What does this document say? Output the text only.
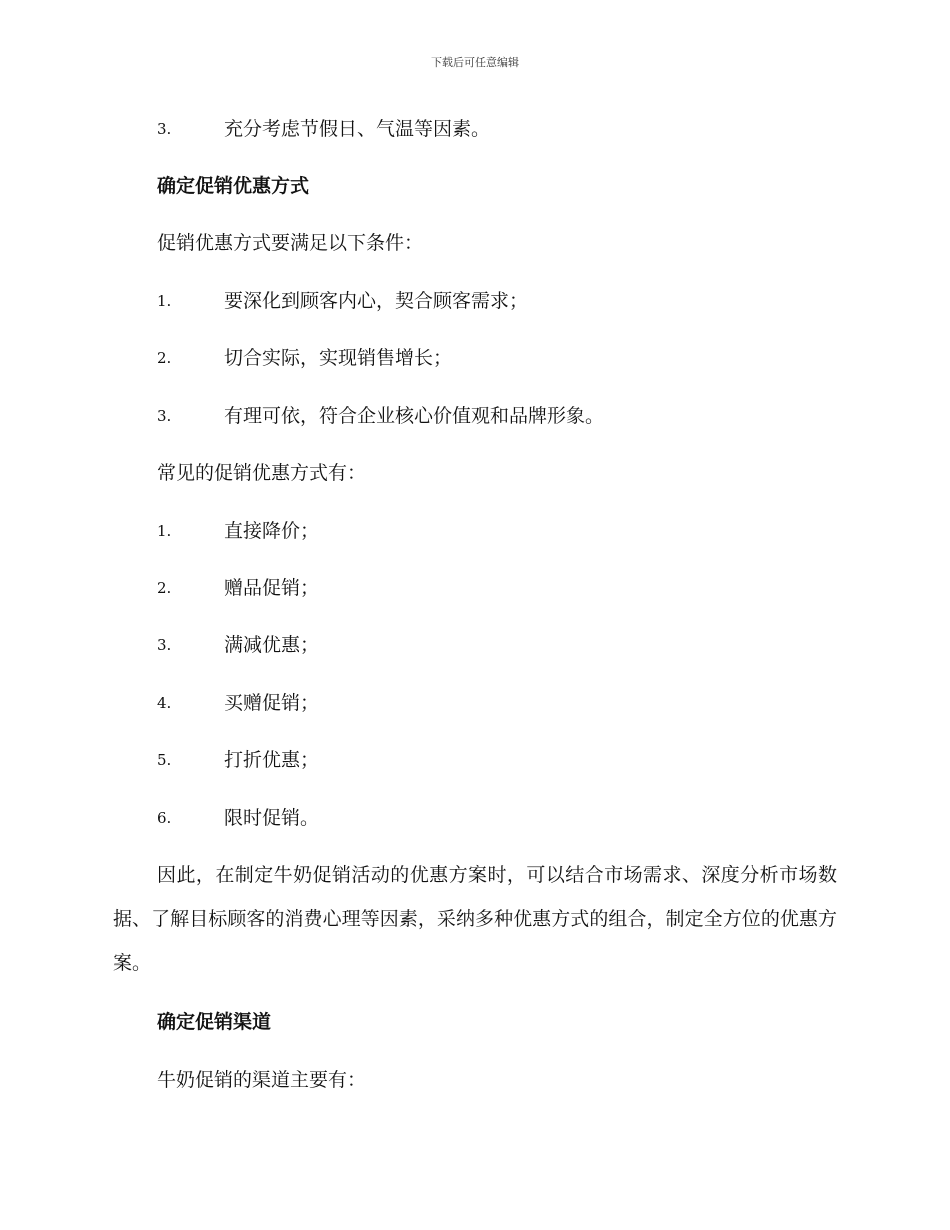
下载后可任意编辑
3.	充分考虑节假日、气温等因素。
确定促销优惠方式
促销优惠方式要满足以下条件：
1.	要深化到顾客内心，契合顾客需求；
2.	切合实际，实现销售增长；
3.	有理可依，符合企业核心价值观和品牌形象。
常见的促销优惠方式有：
1.	直接降价；
2.	赠品促销；
3.	满减优惠；
4.	买赠促销；
5.	打折优惠；
6.	限时促销。
因此，在制定牛奶促销活动的优惠方案时，可以结合市场需求、深度分析市场数据、了解目标顾客的消费心理等因素，采纳多种优惠方式的组合，制定全方位的优惠方案。
确定促销渠道
牛奶促销的渠道主要有：
